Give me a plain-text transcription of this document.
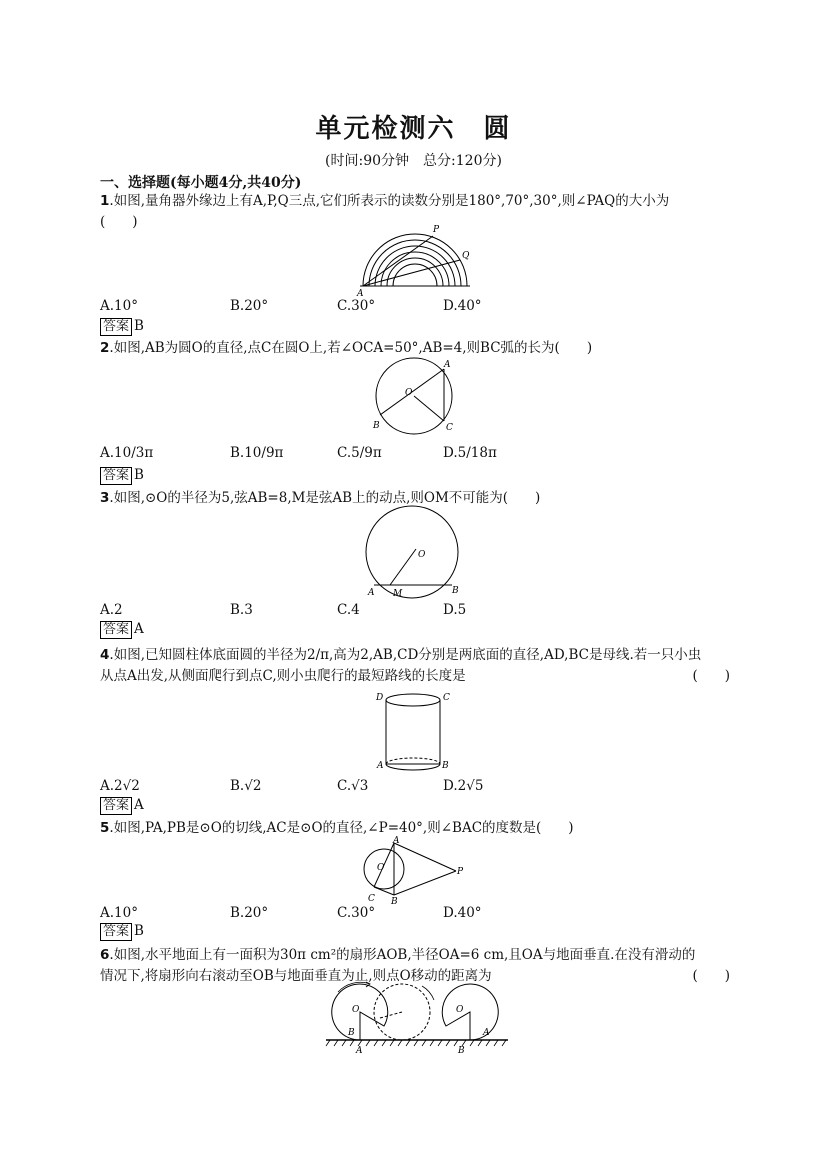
单元检测六　圆
(时间:90分钟　总分:120分)
一、选择题(每小题4分,共40分)
1.如图,量角器外缘边上有A,P,Q三点,它们所表示的读数分别是180°,70°,30°,则∠PAQ的大小为
(　　)	P
Q
A
A.10°	B.20°	C.30°	D.40°
答案 B
2.如图,AB为圆O的直径,点C在圆O上,若∠OCA=50°,AB=4,则BC弧的长为(　　)
A
O
B	C
A.10/3π	B.10/9π	C.5/9π	D.5/18π
答案 B
3.如图,⊙O的半径为5,弦AB=8,M是弦AB上的动点,则OM不可能为(　　)
O
A M	B
A.2	B.3	C.4	D.5
答案 A
4.如图,已知圆柱体底面圆的半径为2/π,高为2,AB,CD分别是两底面的直径,AD,BC是母线.若一只小虫
从点A出发,从侧面爬行到点C,则小虫爬行的最短路线的长度是	(　　)
D	C
A	B
A.2√2	B.√2	C.√3	D.2√5
答案 A
5.如图,PA,PB是⊙O的切线,AC是⊙O的直径,∠P=40°,则∠BAC的度数是(　　)
A
O	P
C B
A.10°	B.20°	C.30°	D.40°
答案 B
6.如图,水平地面上有一面积为30π cm²的扇形AOB,半径OA=6 cm,且OA与地面垂直.在没有滑动的
情况下,将扇形向右滚动至OB与地面垂直为止,则点O移动的距离为	(　　)
O
B
A
O
A
B
